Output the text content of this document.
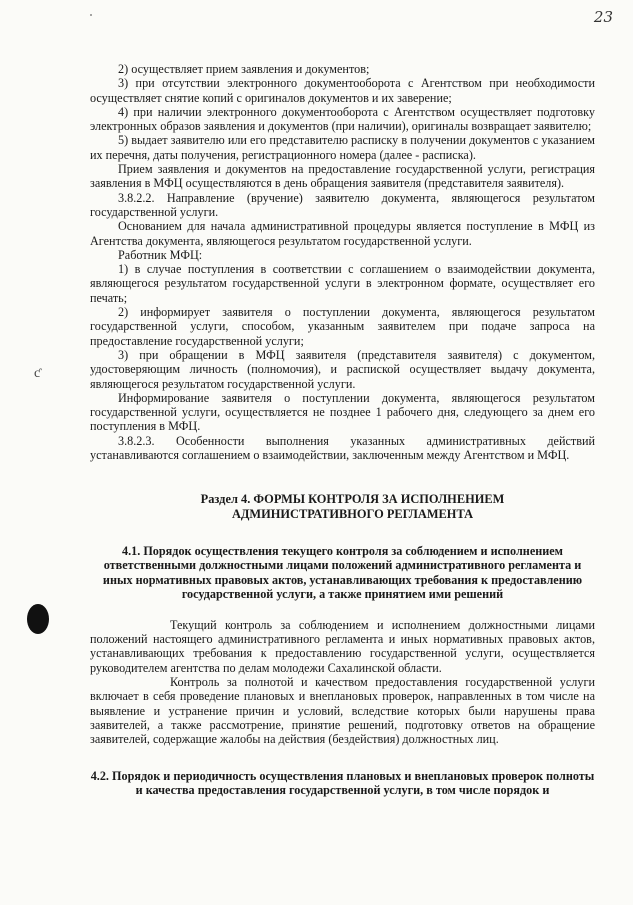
23
ƈ

2) осуществляет прием заявления и документов;

3) при отсутствии электронного документооборота с Агентством при необходимости осуществляет снятие копий с оригиналов документов и их заверение;

4) при наличии электронного документооборота с Агентством осуществляет подготовку электронных образов заявления и документов (при наличии), оригиналы возвращает заявителю;

5) выдает заявителю или его представителю расписку в получении документов с указанием их перечня, даты получения, регистрационного номера (далее - расписка).

Прием заявления и документов на предоставление государственной услуги, регистрация заявления в МФЦ осуществляются в день обращения заявителя (представителя заявителя).

3.8.2.2. Направление (вручение) заявителю документа, являющегося результатом государственной услуги.

Основанием для начала административной процедуры является поступление в МФЦ из Агентства документа, являющегося результатом государственной услуги.

Работник МФЦ:

1) в случае поступления в соответствии с соглашением о взаимодействии документа, являющегося результатом государственной услуги в электронном формате, осуществляет его печать;

2) информирует заявителя о поступлении документа, являющегося результатом государственной услуги, способом, указанным заявителем при подаче запроса на предоставление государственной услуги;

3) при обращении в МФЦ заявителя (представителя заявителя) с документом, удостоверяющим личность (полномочия), и распиской осуществляет выдачу документа, являющегося результатом государственной услуги.

Информирование заявителя о поступлении документа, являющегося результатом государственной услуги, осуществляется не позднее 1 рабочего дня, следующего за днем его поступления в МФЦ.

3.8.2.3. Особенности выполнения указанных административных действий устанавливаются соглашением о взаимодействии, заключенным между Агентством и МФЦ.

Раздел 4. ФОРМЫ КОНТРОЛЯ ЗА ИСПОЛНЕНИЕМ
АДМИНИСТРАТИВНОГО РЕГЛАМЕНТА
4.1. Порядок осуществления текущего контроля за соблюдением и исполнением ответственными должностными лицами положений административного регламента и иных нормативных правовых актов, устанавливающих требования к предоставлению государственной услуги, а также принятием ими решений

Текущий контроль за соблюдением и исполнением должностными лицами положений настоящего административного регламента и иных нормативных правовых актов, устанавливающих требования к предоставлению государственной услуги, осуществляется руководителем агентства по делам молодежи Сахалинской области.

Контроль за полнотой и качеством предоставления государственной услуги включает в себя проведение плановых и внеплановых проверок, направленных в том числе на выявление и устранение причин и условий, вследствие которых были нарушены права заявителей, а также рассмотрение, принятие решений, подготовку ответов на обращение заявителей, содержащие жалобы на действия (бездействия) должностных лиц.

4.2. Порядок и периодичность осуществления плановых и внеплановых проверок полноты и качества предоставления государственной услуги, в том числе порядок и
